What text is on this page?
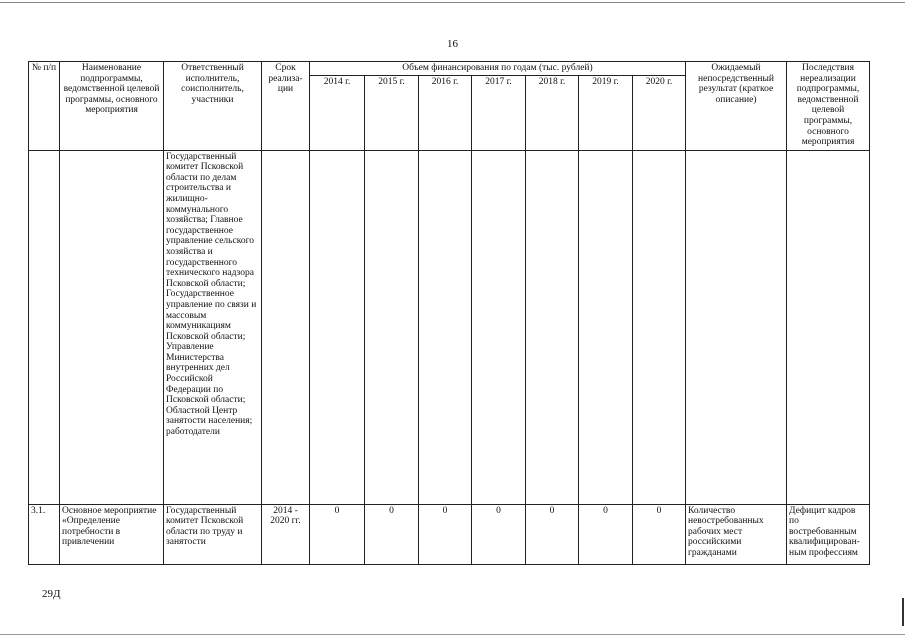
16
№ п/п	Наименование подпрограммы, ведомственной целевой программы, основного мероприятия	Ответственный исполнитель, соисполнитель, участники	Срок реализа-ции	Объем финансирования по годам (тыс. рублей)							Ожидаемый непосредственный результат (краткое описание)	Последствия нереализации подпрограммы, ведомственной целевой программы, основного мероприятия
				2014 г.	2015 г.	2016 г.	2017 г.	2018 г.	2019 г.	2020 г.		
		Государственный комитет Псковской области по делам строительства и жилищно-коммунального хозяйства; Главное государственное управление сельского хозяйства и государственного технического надзора Псковской области; Государственное управление по связи и массовым коммуникациям Псковской области; Управление Министерства внутренних дел Российской Федерации по Псковской области; Областной Центр занятости населения; работодатели										
3.1.	Основное мероприятие «Определение потребности в привлечении	Государственный комитет Псковской области по труду и занятости	2014 - 2020 гг.	0	0	0	0	0	0	0	Количество невостребованных рабочих мест российскими гражданами	Дефицит кадров по востребованным квалифицирован-ным профессиям
29Д
